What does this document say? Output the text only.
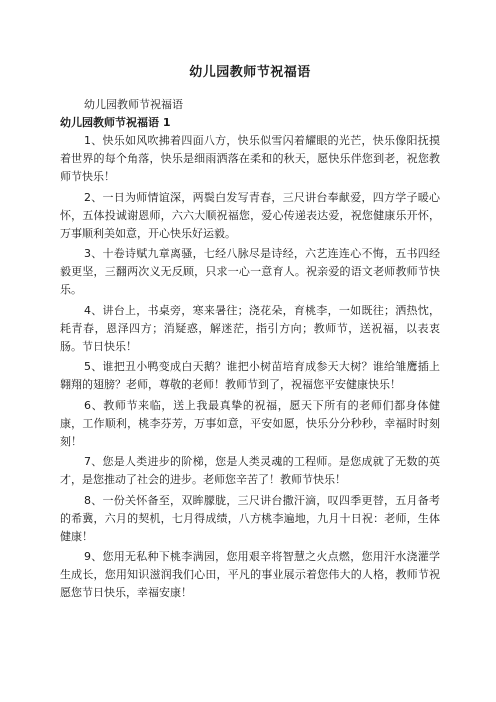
幼儿园教师节祝福语

幼儿园教师节祝福语

幼儿园教师节祝福语 1

1、快乐如风吹拂着四面八方，快乐似雪闪着耀眼的光芒，快乐像阳抚摸着世界的每个角落，快乐是细雨洒落在柔和的秋天，愿快乐伴您到老，祝您教师节快乐！

2、一日为师情谊深，两鬓白发写青春，三尺讲台奉献爱，四方学子暖心怀，五体投诚谢恩师，六六大顺祝福您，爱心传递表达爱，祝您健康乐开怀，万事顺利美如意，开心快乐好运毅。

3、十卷诗赋九章离骚，七经八脉尽是诗经，六艺连连心不悔，五书四经毅更坚，三翻两次义无反顾，只求一心一意育人。祝亲爱的语文老师教师节快乐。

4、讲台上，书桌旁，寒来暑往；浇花朵，育桃李，一如既往；洒热忱，耗青春，恩泽四方；消疑惑，解迷茫，指引方向；教师节，送祝福，以表衷肠。节日快乐！

5、谁把丑小鸭变成白天鹅？谁把小树苗培育成参天大树？谁给雏鹰插上翱翔的翅膀？老师，尊敬的老师！教师节到了，祝福您平安健康快乐！

6、教师节来临，送上我最真挚的祝福，愿天下所有的老师们都身体健康，工作顺利，桃李芬芳，万事如意，平安如愿，快乐分分秒秒，幸福时时刻刻！

7、您是人类进步的阶梯，您是人类灵魂的工程师。是您成就了无数的英才，是您推动了社会的进步。老师您辛苦了！教师节快乐！

8、一份关怀备至，双眸朦胧，三尺讲台撒汗滴，叹四季更替，五月备考的希冀，六月的契机，七月得成绩，八方桃李遍地，九月十日祝：老师，生体健康！

9、您用无私种下桃李满园，您用艰辛将智慧之火点燃，您用汗水浇灌学生成长，您用知识滋润我们心田，平凡的事业展示着您伟大的人格，教师节祝愿您节日快乐，幸福安康！
